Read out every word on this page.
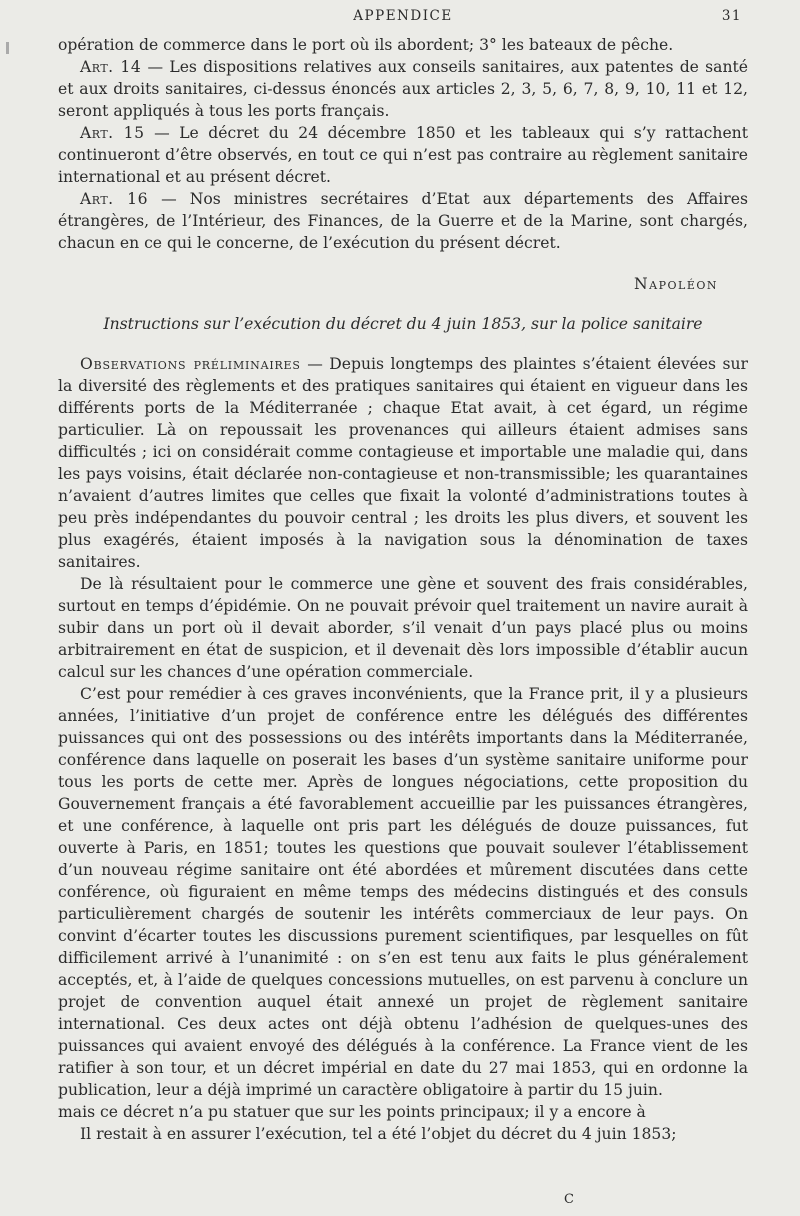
APPENDICE	31

opération de commerce dans le port où ils abordent; 3° les bateaux de pêche.

Art. 14 — Les dispositions relatives aux conseils sanitaires, aux patentes de santé et aux droits sanitaires, ci-dessus énoncés aux articles 2, 3, 5, 6, 7, 8, 9, 10, 11 et 12, seront appliqués à tous les ports français.

Art. 15 — Le décret du 24 décembre 1850 et les tableaux qui s’y rattachent continueront d’être observés, en tout ce qui n’est pas contraire au règlement sanitaire international et au présent décret.

Art. 16 — Nos ministres secrétaires d’Etat aux départements des Affaires étrangères, de l’Intérieur, des Finances, de la Guerre et de la Marine, sont chargés, chacun en ce qui le concerne, de l’exécution du présent décret.

Napoléon
Instructions sur l’exécution du décret du 4 juin 1853, sur la police sanitaire

Observations préliminaires — Depuis longtemps des plaintes s’étaient élevées sur la diversité des règlements et des pratiques sanitaires qui étaient en vigueur dans les différents ports de la Méditerranée ; chaque Etat avait, à cet égard, un régime particulier. Là on repoussait les provenances qui ailleurs étaient admises sans difficultés ; ici on considérait comme contagieuse et importable une maladie qui, dans les pays voisins, était déclarée non-contagieuse et non-transmissible; les quarantaines n’avaient d’autres limites que celles que fixait la volonté d’administrations toutes à peu près indépendantes du pouvoir central ; les droits les plus divers, et souvent les plus exagérés, étaient imposés à la navigation sous la dénomination de taxes sanitaires.

De là résultaient pour le commerce une gène et souvent des frais considérables, surtout en temps d’épidémie. On ne pouvait prévoir quel traitement un navire aurait à subir dans un port où il devait aborder, s’il venait d’un pays placé plus ou moins arbitrairement en état de suspicion, et il devenait dès lors impossible d’établir aucun calcul sur les chances d’une opération commerciale.

C’est pour remédier à ces graves inconvénients, que la France prit, il y a plusieurs années, l’initiative d’un projet de conférence entre les délégués des différentes puissances qui ont des possessions ou des intérêts importants dans la Méditerranée, conférence dans laquelle on poserait les bases d’un système sanitaire uniforme pour tous les ports de cette mer. Après de longues négociations, cette proposition du Gouvernement français a été favorablement accueillie par les puissances étrangères, et une conférence, à laquelle ont pris part les délégués de douze puissances, fut ouverte à Paris, en 1851; toutes les questions que pouvait soulever l’établissement d’un nouveau régime sanitaire ont été abordées et mûrement discutées dans cette conférence, où figuraient en même temps des médecins distingués et des consuls particulièrement chargés de soutenir les intérêts commerciaux de leur pays. On convint d’écarter toutes les discussions purement scientifiques, par lesquelles on fût difficilement arrivé à l’unanimité : on s’en est tenu aux faits le plus généralement acceptés, et, à l’aide de quelques concessions mutuelles, on est parvenu à conclure un projet de convention auquel était annexé un projet de règlement sanitaire international. Ces deux actes ont déjà obtenu l’adhésion de quelques-unes des puissances qui avaient envoyé des délégués à la conférence. La France vient de les ratifier à son tour, et un décret impérial en date du 27 mai 1853, qui en ordonne la publication, leur a déjà imprimé un caractère obligatoire à partir du 15 juin.

mais ce décret n’a pu statuer que sur les points principaux; il y a encore à

Il restait à en assurer l’exécution, tel a été l’objet du décret du 4 juin 1853;

C
